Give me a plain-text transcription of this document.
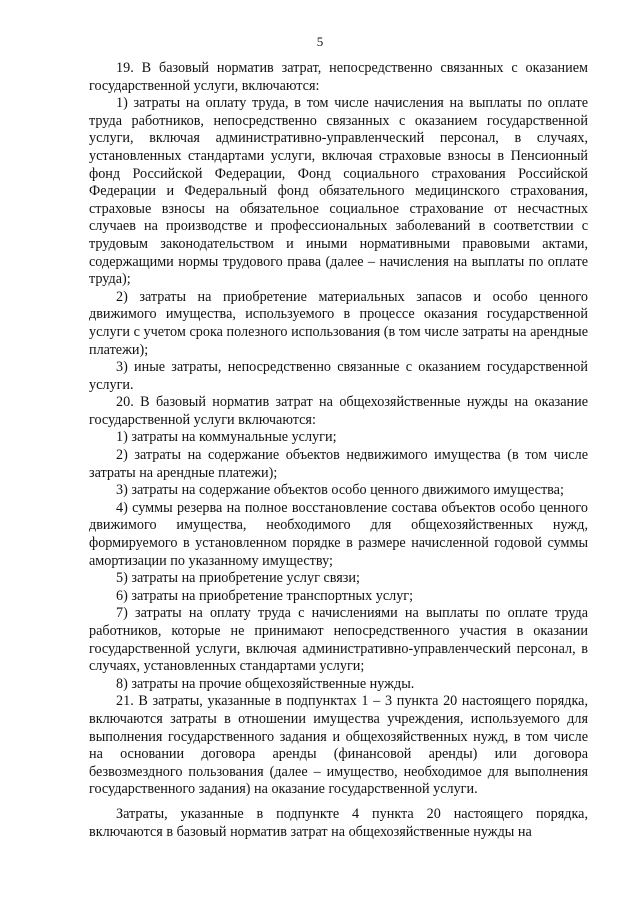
5

19. В базовый норматив затрат, непосредственно связанных с оказанием государственной услуги, включаются:

1) затраты на оплату труда, в том числе начисления на выплаты по оплате труда работников, непосредственно связанных с оказанием государственной услуги, включая административно-управленческий персонал, в случаях, установленных стандартами услуги, включая страховые взносы в Пенсионный фонд Российской Федерации, Фонд социального страхования Российской Федерации и Федеральный фонд обязательного медицинского страхования, страховые взносы на обязательное социальное страхование от несчастных случаев на производстве и профессиональных заболеваний в соответствии с трудовым законодательством и иными нормативными правовыми актами, содержащими нормы трудового права (далее – начисления на выплаты по оплате труда);

2) затраты на приобретение материальных запасов и особо ценного движимого имущества, используемого в процессе оказания государственной услуги с учетом срока полезного использования (в том числе затраты на арендные платежи);

3) иные затраты, непосредственно связанные с оказанием государственной услуги.

20. В базовый норматив затрат на общехозяйственные нужды на оказание государственной услуги включаются:

1) затраты на коммунальные услуги;

2) затраты на содержание объектов недвижимого имущества (в том числе затраты на арендные платежи);

3) затраты на содержание объектов особо ценного движимого имущества;

4) суммы резерва на полное восстановление состава объектов особо ценного движимого имущества, необходимого для общехозяйственных нужд, формируемого в установленном порядке в размере начисленной годовой суммы амортизации по указанному имуществу;

5) затраты на приобретение услуг связи;

6) затраты на приобретение транспортных услуг;

7) затраты на оплату труда с начислениями на выплаты по оплате труда работников, которые не принимают непосредственного участия в оказании государственной услуги, включая административно-управленческий персонал, в случаях, установленных стандартами услуги;

8) затраты на прочие общехозяйственные нужды.

21. В затраты, указанные в подпунктах 1 – 3 пункта 20 настоящего порядка, включаются затраты в отношении имущества учреждения, используемого для выполнения государственного задания и общехозяйственных нужд, в том числе на основании договора аренды (финансовой аренды) или договора безвозмездного пользования (далее – имущество, необходимое для выполнения государственного задания) на оказание государственной услуги.

Затраты, указанные в подпункте 4 пункта 20 настоящего порядка, включаются в базовый норматив затрат на общехозяйственные нужды на
